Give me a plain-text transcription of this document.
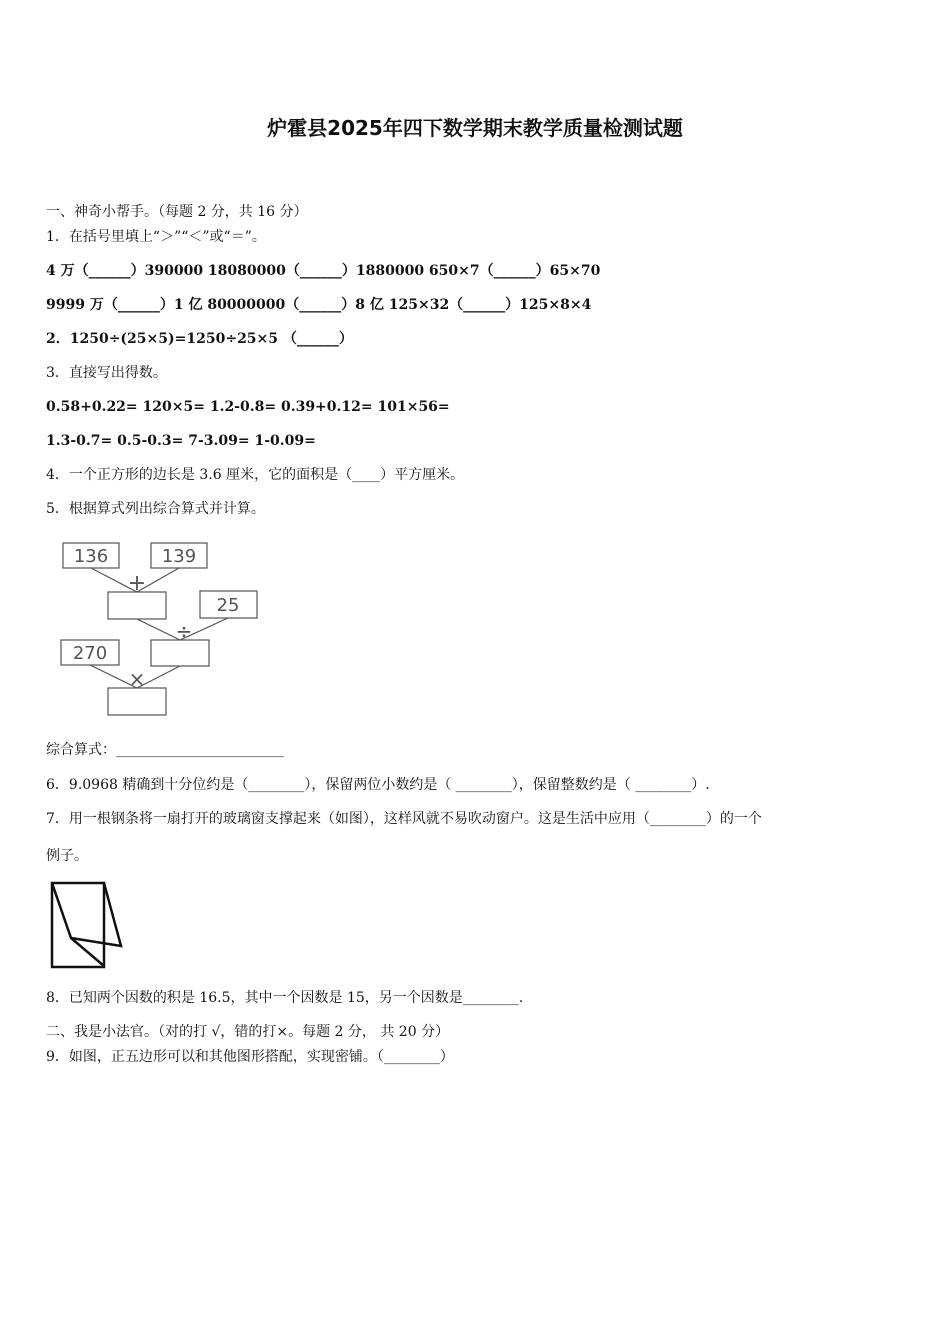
炉霍县2025年四下数学期末教学质量检测试题
一、神奇小帮手。（每题 2 分，共 16 分）
1．在括号里填上“＞”“＜”或“＝”。
4 万（______）390000 18080000（______）1880000 650×7（______）65×70
9999 万（______）1 亿 80000000（______）8 亿 125×32（______）125×8×4
2．1250÷(25×5)=1250÷25×5 （______）
3．直接写出得数。
0.58+0.22= 120×5= 1.2-0.8= 0.39+0.12= 101×56=
1.3-0.7= 0.5-0.3= 7-3.09= 1-0.09=
4．一个正方形的边长是 3.6 厘米，它的面积是（____）平方厘米。
5．根据算式列出综合算式并计算。
136	139
25
270
+
÷
×
综合算式：________________________
6．9.0968 精确到十分位约是（________），保留两位小数约是（ ________），保留整数约是（ ________）.
7．用一根钢条将一扇打开的玻璃窗支撑起来（如图），这样风就不易吹动窗户。这是生活中应用（________）的一个
例子。
8．已知两个因数的积是 16.5，其中一个因数是 15，另一个因数是________.
二、我是小法官。（对的打 √，错的打×。每题 2 分， 共 20 分）
9．如图，正五边形可以和其他图形搭配，实现密铺。（________）
